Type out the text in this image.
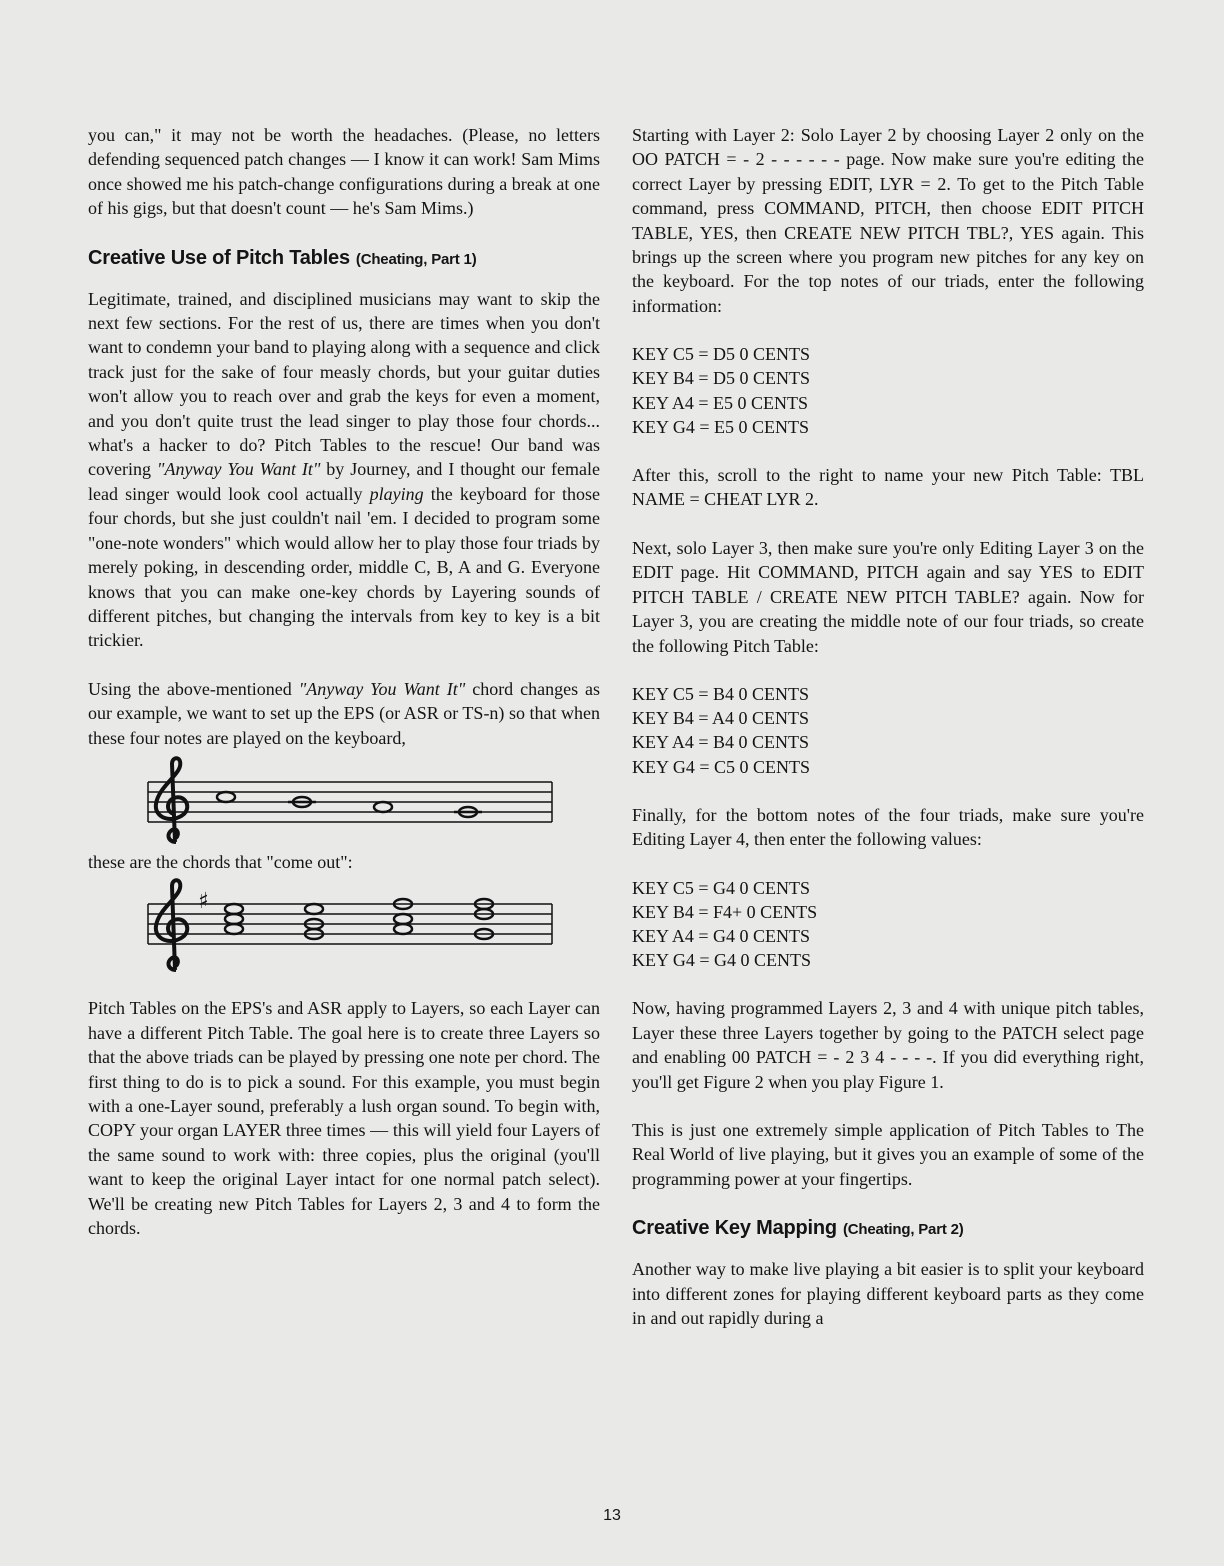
you can," it may not be worth the headaches. (Please, no letters defending sequenced patch changes — I know it can work! Sam Mims once showed me his patch-change configurations during a break at one of his gigs, but that doesn't count — he's Sam Mims.)

Creative Use of Pitch Tables (Cheating, Part 1)

Legitimate, trained, and disciplined musicians may want to skip the next few sections. For the rest of us, there are times when you don't want to condemn your band to playing along with a sequence and click track just for the sake of four measly chords, but your guitar duties won't allow you to reach over and grab the keys for even a moment, and you don't quite trust the lead singer to play those four chords... what's a hacker to do? Pitch Tables to the rescue! Our band was covering "Anyway You Want It" by Journey, and I thought our female lead singer would look cool actually playing the keyboard for those four chords, but she just couldn't nail 'em. I decided to program some "one-note wonders" which would allow her to play those four triads by merely poking, in descending order, middle C, B, A and G. Everyone knows that you can make one-key chords by Layering sounds of different pitches, but changing the intervals from key to key is a bit trickier.

Using the above-mentioned "Anyway You Want It" chord changes as our example, we want to set up the EPS (or ASR or TS-n) so that when these four notes are played on the keyboard,

these are the chords that "come out":

♯

Pitch Tables on the EPS's and ASR apply to Layers, so each Layer can have a different Pitch Table. The goal here is to create three Layers so that the above triads can be played by pressing one note per chord. The first thing to do is to pick a sound. For this example, you must begin with a one-Layer sound, preferably a lush organ sound. To begin with, COPY your organ LAYER three times — this will yield four Layers of the same sound to work with: three copies, plus the original (you'll want to keep the original Layer intact for one normal patch select). We'll be creating new Pitch Tables for Layers 2, 3 and 4 to form the chords.

Starting with Layer 2: Solo Layer 2 by choosing Layer 2 only on the OO PATCH = - 2 - - - - - - page. Now make sure you're editing the correct Layer by pressing EDIT, LYR = 2. To get to the Pitch Table command, press COMMAND, PITCH, then choose EDIT PITCH TABLE, YES, then CREATE NEW PITCH TBL?, YES again. This brings up the screen where you program new pitches for any key on the keyboard. For the top notes of our triads, enter the following information:

KEY C5 = D5 0 CENTS
KEY B4 = D5 0 CENTS
KEY A4 = E5 0 CENTS
KEY G4 = E5 0 CENTS

After this, scroll to the right to name your new Pitch Table: TBL NAME = CHEAT LYR 2.

Next, solo Layer 3, then make sure you're only Editing Layer 3 on the EDIT page. Hit COMMAND, PITCH again and say YES to EDIT PITCH TABLE / CREATE NEW PITCH TABLE? again. Now for Layer 3, you are creating the middle note of our four triads, so create the following Pitch Table:

KEY C5 = B4 0 CENTS
KEY B4 = A4 0 CENTS
KEY A4 = B4 0 CENTS
KEY G4 = C5 0 CENTS

Finally, for the bottom notes of the four triads, make sure you're Editing Layer 4, then enter the following values:

KEY C5 = G4 0 CENTS
KEY B4 = F4+ 0 CENTS
KEY A4 = G4 0 CENTS
KEY G4 = G4 0 CENTS

Now, having programmed Layers 2, 3 and 4 with unique pitch tables, Layer these three Layers together by going to the PATCH select page and enabling 00 PATCH = - 2 3 4 - - - -. If you did everything right, you'll get Figure 2 when you play Figure 1.

This is just one extremely simple application of Pitch Tables to The Real World of live playing, but it gives you an example of some of the programming power at your fingertips.

Creative Key Mapping (Cheating, Part 2)

Another way to make live playing a bit easier is to split your keyboard into different zones for playing different keyboard parts as they come in and out rapidly during a

13
